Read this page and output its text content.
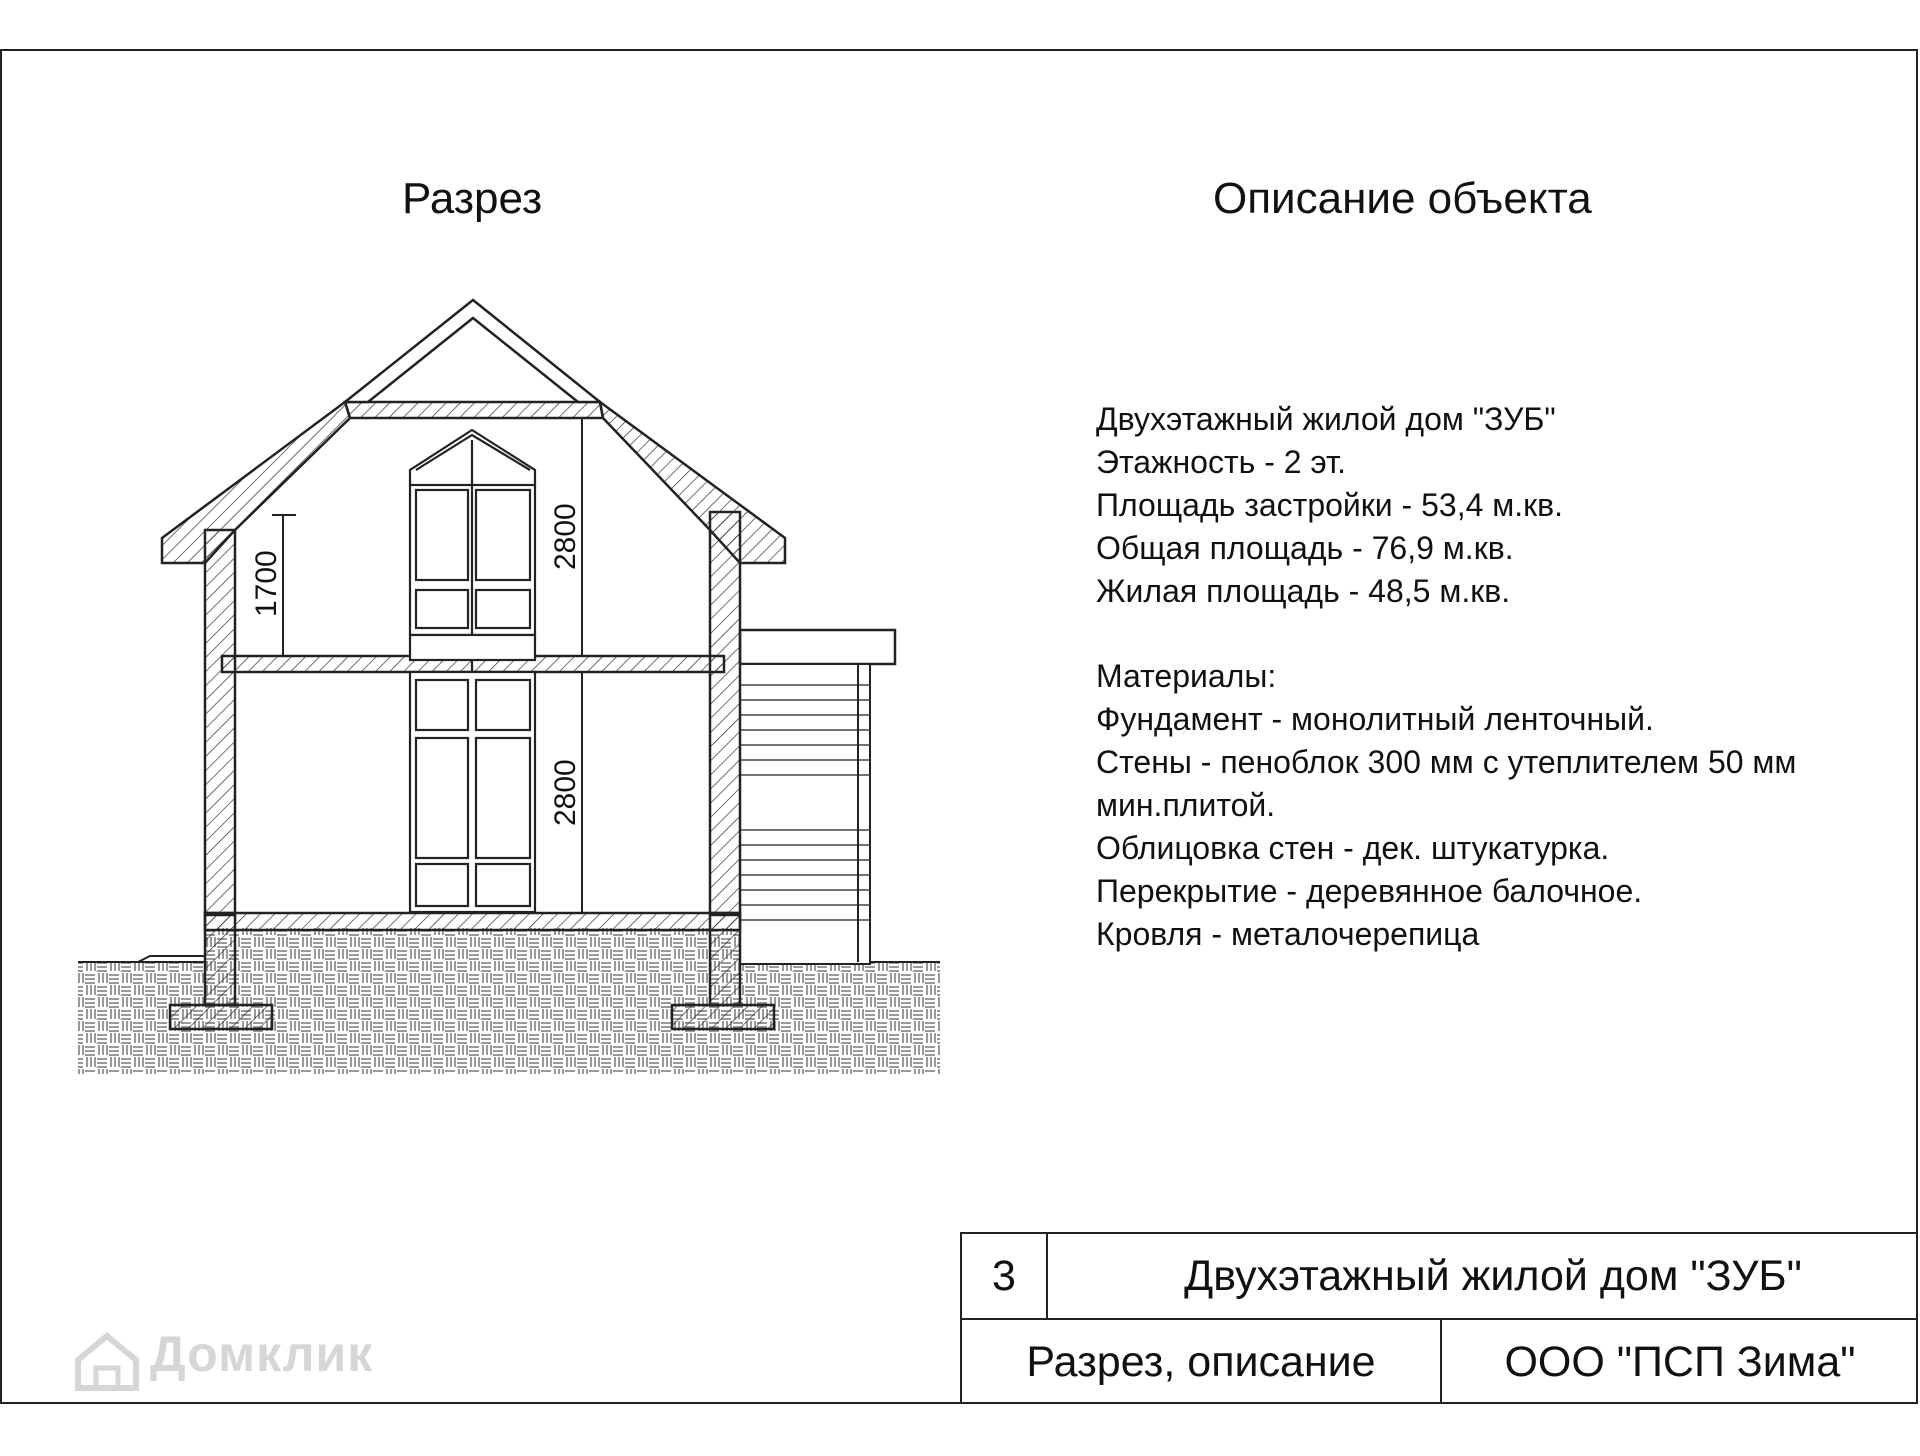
Разрез	Описание объекта
Двухэтажный жилой дом "ЗУБ"
Этажность - 2 эт.
Площадь застройки - 53,4 м.кв.
Общая площадь - 76,9 м.кв.
Жилая площадь - 48,5 м.кв.
Материалы:
Фундамент - монолитный ленточный.
Стены - пеноблок 300 мм с утеплителем 50 мм
мин.плитой.
Облицовка стен - дек. штукатурка.
Перекрытие - деревянное балочное.
Кровля - металочерепица
2800
2800
1700
3	Двухэтажный жилой дом "ЗУБ"
Разрез, описание	ООО "ПСП Зима"
Домклик
